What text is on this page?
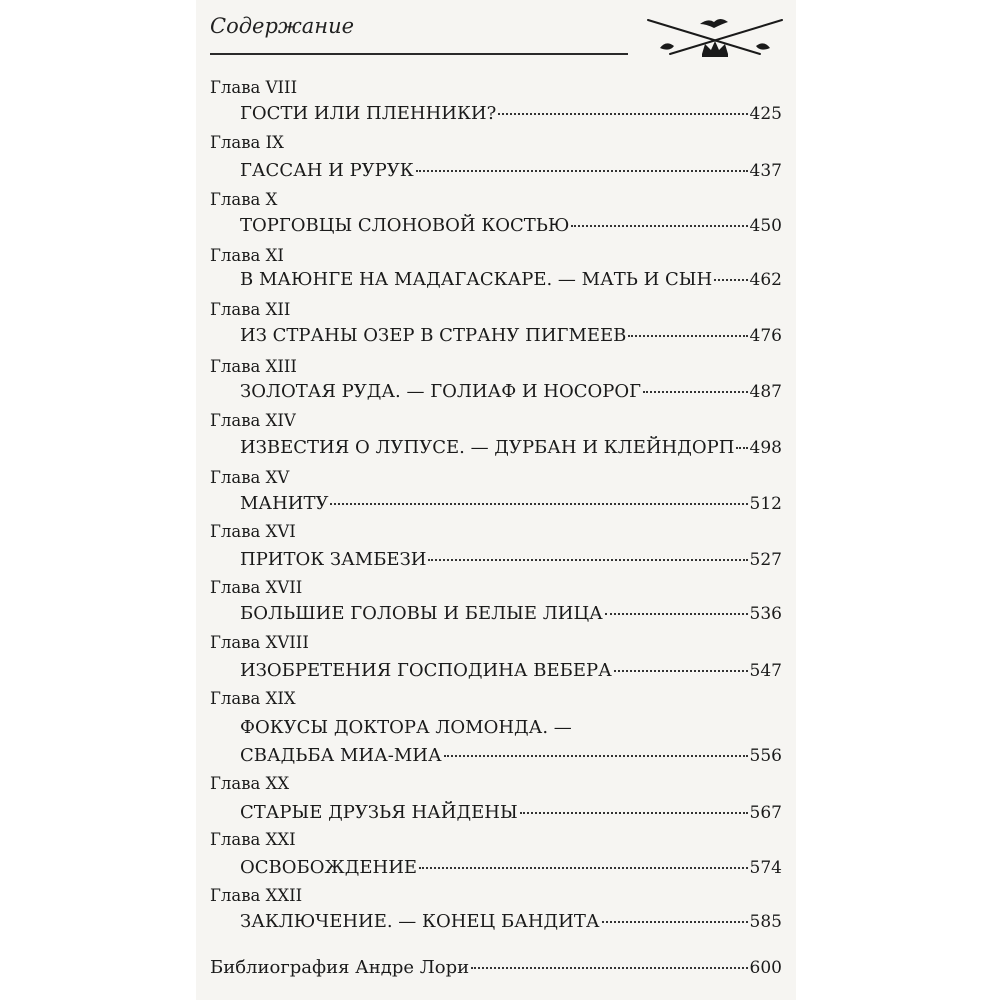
Содержание
Глава VIII
ГОСТИ ИЛИ ПЛЕННИКИ?	425
Глава IX
ГАССАН И РУРУК	437
Глава X
ТОРГОВЦЫ СЛОНОВОЙ КОСТЬЮ	450
Глава XI
В МАЮНГЕ НА МАДАГАСКАРЕ. — МАТЬ И СЫН 462
Глава XII
ИЗ СТРАНЫ ОЗЕР В СТРАНУ ПИГМЕЕВ	476
Глава XIII
ЗОЛОТАЯ РУДА. — ГОЛИАФ И НОСОРОГ	487
Глава XIV
ИЗВЕСТИЯ О ЛУПУСЕ. — ДУРБАН И КЛЕЙНДОРП 498
Глава XV
МАНИТУ	512
Глава XVI
ПРИТОК ЗАМБЕЗИ	527
Глава XVII
БОЛЬШИЕ ГОЛОВЫ И БЕЛЫЕ ЛИЦА	536
Глава XVIII
ИЗОБРЕТЕНИЯ ГОСПОДИНА ВЕБЕРА	547
Глава XIX
ФОКУСЫ ДОКТОРА ЛОМОНДА. —
СВАДЬБА МИА-МИА	556
Глава XX
СТАРЫЕ ДРУЗЬЯ НАЙДЕНЫ	567
Глава XXI
ОСВОБОЖДЕНИЕ	574
Глава XXII
ЗАКЛЮЧЕНИЕ. — КОНЕЦ БАНДИТА	585
Библиография Андре Лори	600
